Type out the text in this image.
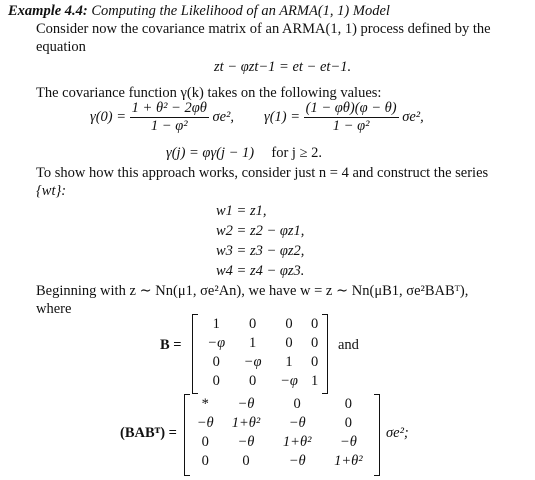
Example 4.4: Computing the Likelihood of an ARMA(1, 1) Model
Consider now the covariance matrix of an ARMA(1, 1) process defined by the
equation
zt − φzt−1 = et − et−1.
The covariance function γ(k) takes on the following values:
$\gamma(0) = \frac{\text{1 + θ² − 2φθ}}{\text{1 − φ²}} \sigma e^2$, $\gamma(1) = \frac{(1 - \varphi\theta)(\varphi - \theta)}{\text{1 − φ²}} \sigma e^2$,
γ(j) = φγ(j − 1) for j ≥ 2.
To show how this approach works, consider just n = 4 and construct the series
{wt}:
w1 = z1,
w2 = z2 − φz1,
w3 = z3 − φz2,
w4 = z4 − φz3.
Beginning with z ∼ Nn(μ1, σe²An), we have w = z ∼ Nn(μB1, σe²BABᵀ),
where
B =
1	0	0	0
−φ	1	0	0
0	−φ	1	0
0	0	−φ	1
and
(BABᵀ) =
*	−θ	0	0
−θ	1+θ²	−θ	0
0	−θ	1+θ²	−θ
0	0	−θ	1+θ²
σe²;
